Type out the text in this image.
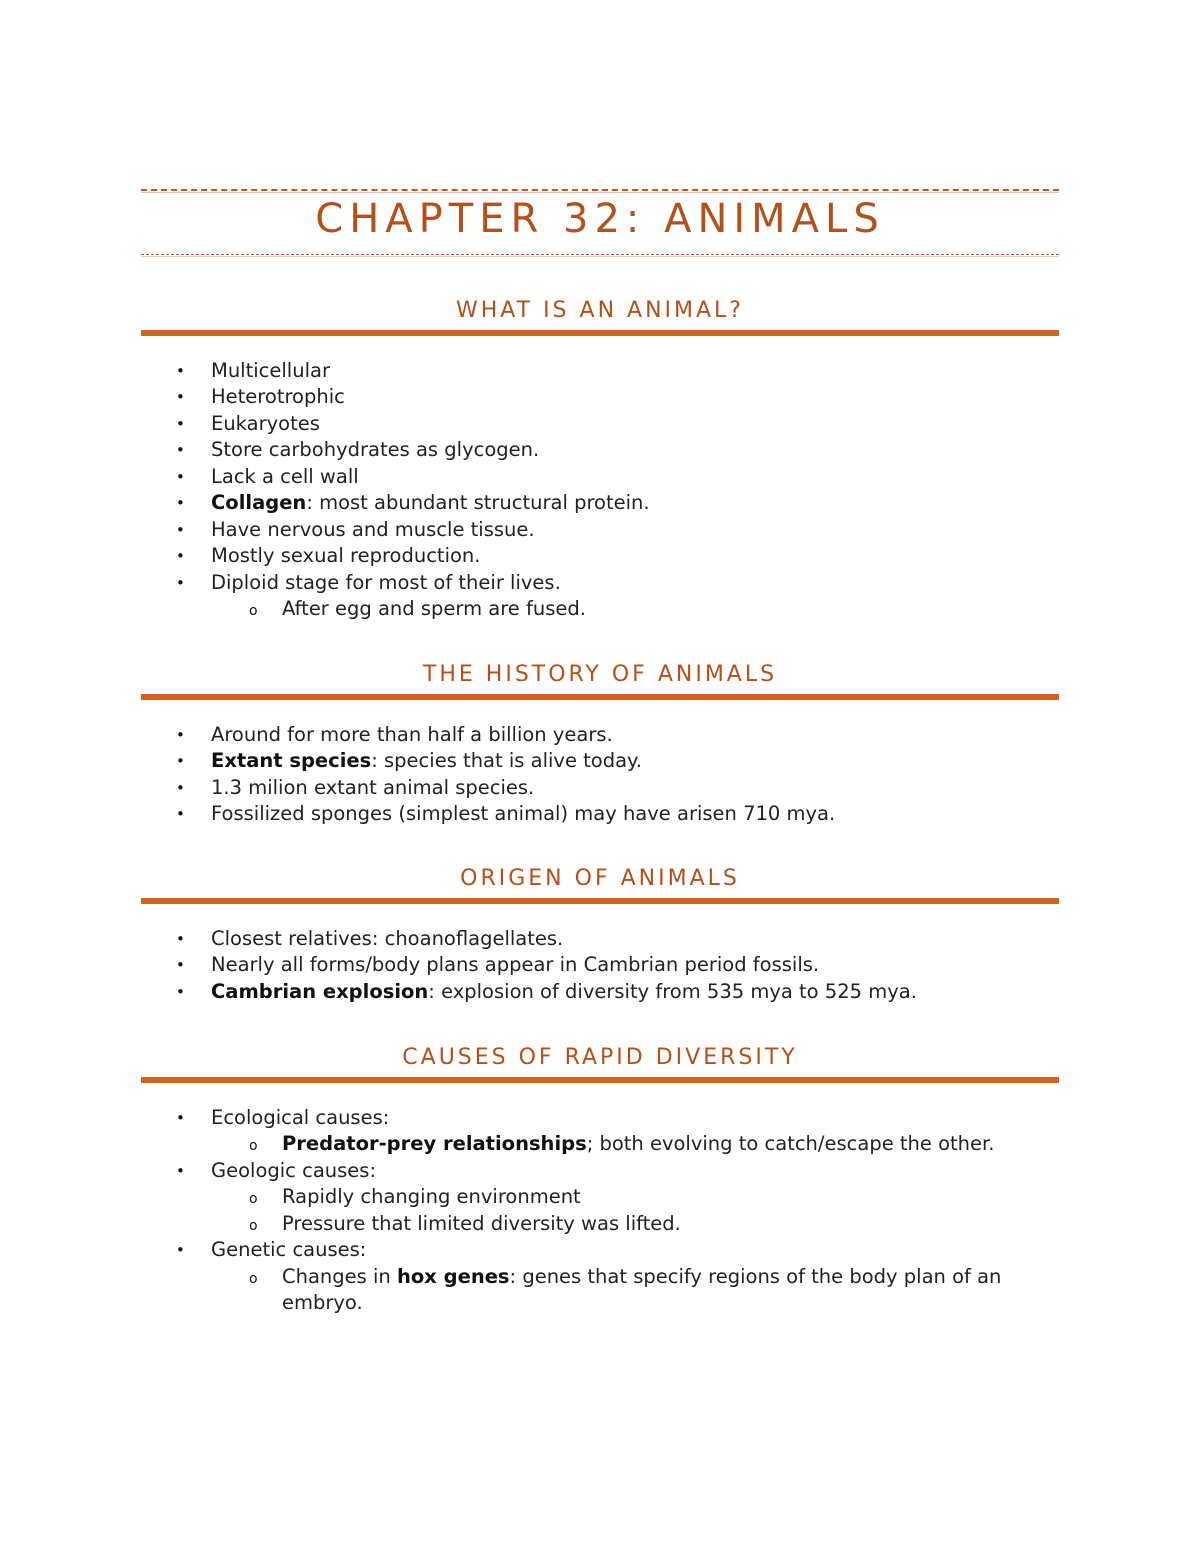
CHAPTER 32: ANIMALS
WHAT IS AN ANIMAL?
• Multicellular
• Heterotrophic
• Eukaryotes
• Store carbohydrates as glycogen.
• Lack a cell wall
• Collagen: most abundant structural protein.
• Have nervous and muscle tissue.
• Mostly sexual reproduction.
• Diploid stage for most of their lives.
o After egg and sperm are fused.
THE HISTORY OF ANIMALS
• Around for more than half a billion years.
• Extant species: species that is alive today.
• 1.3 milion extant animal species.
• Fossilized sponges (simplest animal) may have arisen 710 mya.
ORIGEN OF ANIMALS
• Closest relatives: choanoflagellates.
• Nearly all forms/body plans appear in Cambrian period fossils.
• Cambrian explosion: explosion of diversity from 535 mya to 525 mya.
CAUSES OF RAPID DIVERSITY
• Ecological causes:
o Predator-prey relationships; both evolving to catch/escape the other.
• Geologic causes:
o Rapidly changing environment
o Pressure that limited diversity was lifted.
• Genetic causes:
o Changes in hox genes: genes that specify regions of the body plan of an embryo.
